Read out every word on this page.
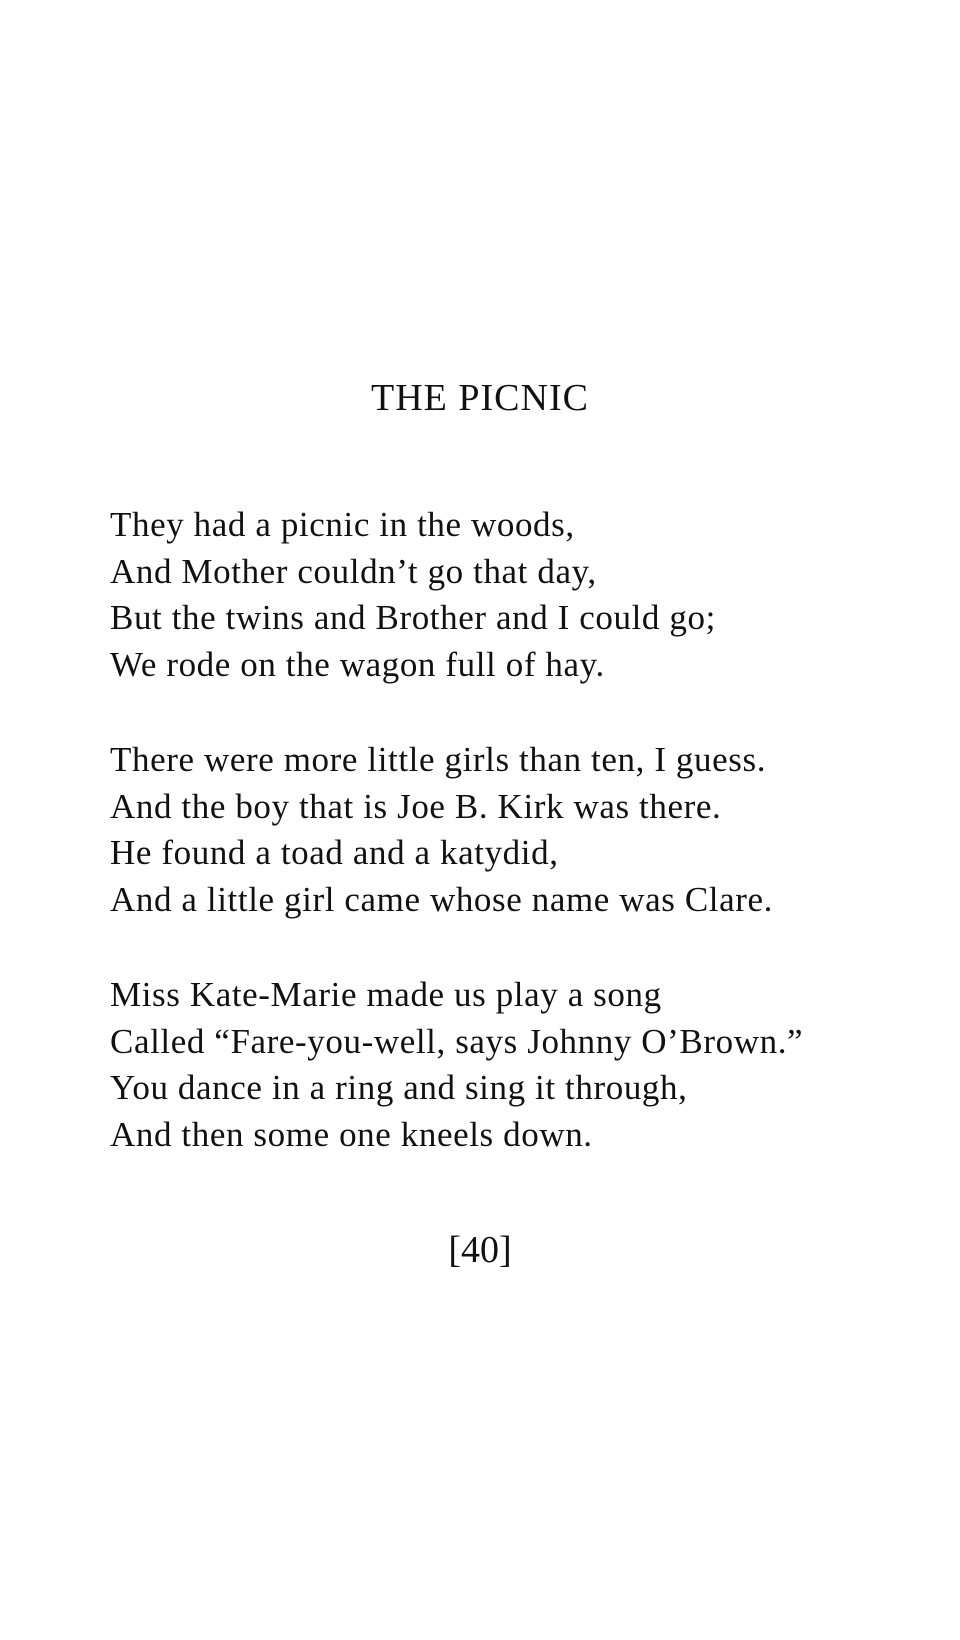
THE PICNIC
They had a picnic in the woods,
And Mother couldn’t go that day,
But the twins and Brother and I could go;
We rode on the wagon full of hay.
There were more little girls than ten, I guess.
And the boy that is Joe B. Kirk was there.
He found a toad and a katydid,
And a little girl came whose name was Clare.
Miss Kate-Marie made us play a song
Called “Fare-you-well, says Johnny O’Brown.”
You dance in a ring and sing it through,
And then some one kneels down.
[40]
